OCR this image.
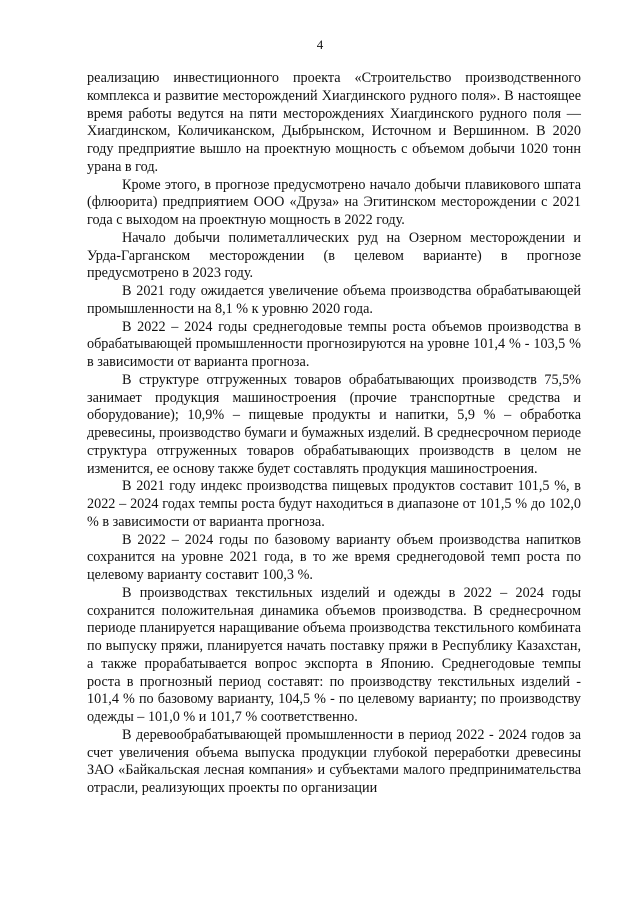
4

реализацию инвестиционного проекта «Строительство производственного комплекса и развитие месторождений Хиагдинского рудного поля». В настоящее время работы ведутся на пяти месторождениях Хиагдинского рудного поля — Хиагдинском, Количиканском, Дыбрынском, Источном и Вершинном. В 2020 году предприятие вышло на проектную мощность с объемом добычи 1020 тонн урана в год.

Кроме этого, в прогнозе предусмотрено начало добычи плавикового шпата (флюорита) предприятием ООО «Друза» на Эгитинском месторождении с 2021 года с выходом на проектную мощность в 2022 году.

Начало добычи полиметаллических руд на Озерном месторождении и Урда-Гарганском месторождении (в целевом варианте) в прогнозе предусмотрено в 2023 году.

В 2021 году ожидается увеличение объема производства обрабатывающей промышленности на 8,1 % к уровню 2020 года.

В 2022 – 2024 годы среднегодовые темпы роста объемов производства в обрабатывающей промышленности прогнозируются на уровне 101,4 % - 103,5 % в зависимости от варианта прогноза.

В структуре отгруженных товаров обрабатывающих производств 75,5% занимает продукция машиностроения (прочие транспортные средства и оборудование); 10,9% – пищевые продукты и напитки, 5,9 % – обработка древесины, производство бумаги и бумажных изделий. В среднесрочном периоде структура отгруженных товаров обрабатывающих производств в целом не изменится, ее основу также будет составлять продукция машиностроения.

В 2021 году индекс производства пищевых продуктов составит 101,5 %, в 2022 – 2024 годах темпы роста будут находиться в диапазоне от 101,5 % до 102,0 % в зависимости от варианта прогноза.

В 2022 – 2024 годы по базовому варианту объем производства напитков сохранится на уровне 2021 года, в то же время среднегодовой темп роста по целевому варианту составит 100,3 %.

В производствах текстильных изделий и одежды в 2022 – 2024 годы сохранится положительная динамика объемов производства. В среднесрочном периоде планируется наращивание объема производства текстильного комбината по выпуску пряжи, планируется начать поставку пряжи в Республику Казахстан, а также прорабатывается вопрос экспорта в Японию. Среднегодовые темпы роста в прогнозный период составят: по производству текстильных изделий - 101,4 % по базовому варианту, 104,5 % - по целевому варианту; по производству одежды – 101,0 % и 101,7 % соответственно.

В деревообрабатывающей промышленности в период 2022 - 2024 годов за счет увеличения объема выпуска продукции глубокой переработки древесины ЗАО «Байкальская лесная компания» и субъектами малого предпринимательства отрасли, реализующих проекты по организации
